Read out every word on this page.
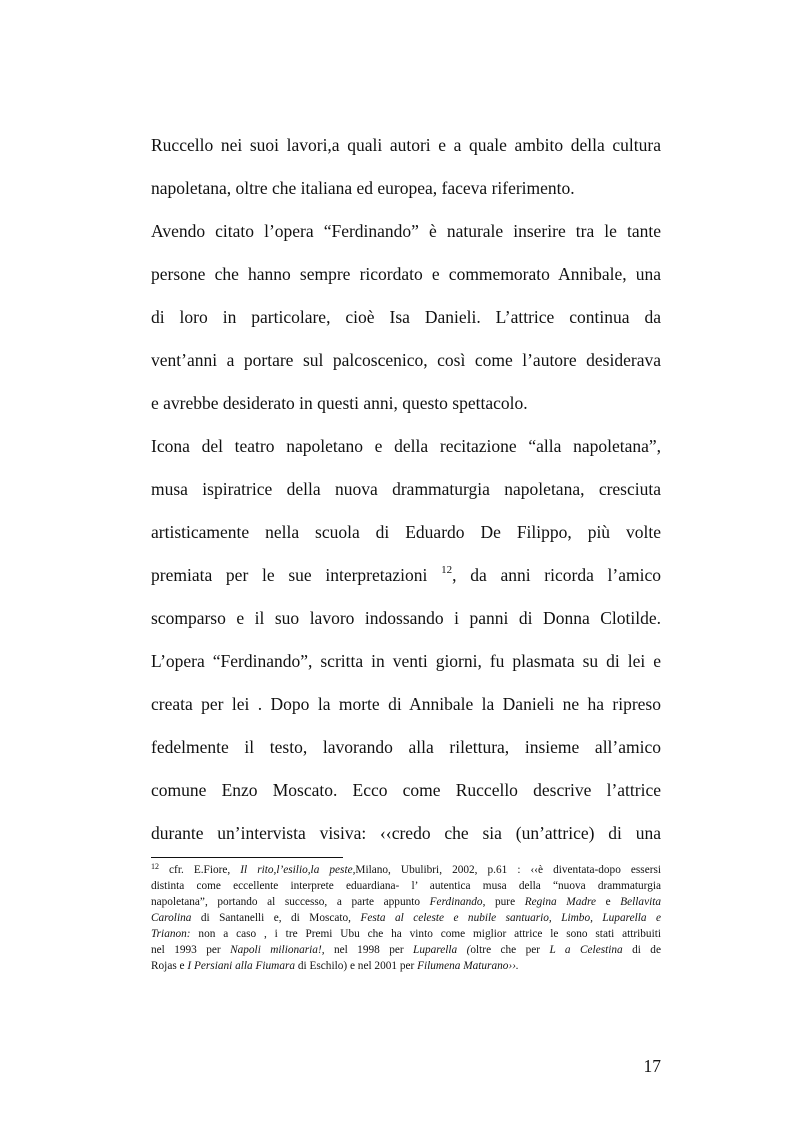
Ruccello nei suoi lavori,a quali autori e a quale ambito della cultura
napoletana, oltre che italiana ed europea, faceva riferimento.
Avendo citato l’opera “Ferdinando” è naturale inserire tra le tante
persone che hanno sempre ricordato e commemorato Annibale, una
di loro in particolare, cioè Isa Danieli. L’attrice continua da
vent’anni a portare sul palcoscenico, così come l’autore desiderava
e avrebbe desiderato in questi anni, questo spettacolo.
Icona del teatro napoletano e della recitazione “alla napoletana”,
musa ispiratrice della nuova drammaturgia napoletana, cresciuta
artisticamente nella scuola di Eduardo De Filippo, più volte
premiata per le sue interpretazioni $^{12}$, da anni ricorda l’amico
scomparso e il suo lavoro indossando i panni di Donna Clotilde.
L’opera “Ferdinando”, scritta in venti giorni, fu plasmata su di lei e
creata per lei . Dopo la morte di Annibale la Danieli ne ha ripreso
fedelmente il testo, lavorando alla rilettura, insieme all’amico
comune Enzo Moscato. Ecco come Ruccello descrive l’attrice
durante un’intervista visiva: ‹‹credo che sia (un’attrice) di una
$^{12}$ cfr. E.Fiore, Il rito,l’esilio,la peste,Milano, Ubulibri, 2002, p.61 : ‹‹è diventata-dopo essersi
distinta come eccellente interprete eduardiana- l’ autentica musa della “nuova drammaturgia
napoletana”, portando al successo, a parte appunto Ferdinando, pure Regina Madre e Bellavita
Carolina di Santanelli e, di Moscato, Festa al celeste e nubile santuario, Limbo, Luparella e
Trianon: non a caso , i tre Premi Ubu che ha vinto come miglior attrice le sono stati attribuiti
nel 1993 per Napoli milionaria!, nel 1998 per Luparella (oltre che per L a Celestina di de
Rojas e I Persiani alla Fiumara di Eschilo) e nel 2001 per Filumena Maturano››.
17
